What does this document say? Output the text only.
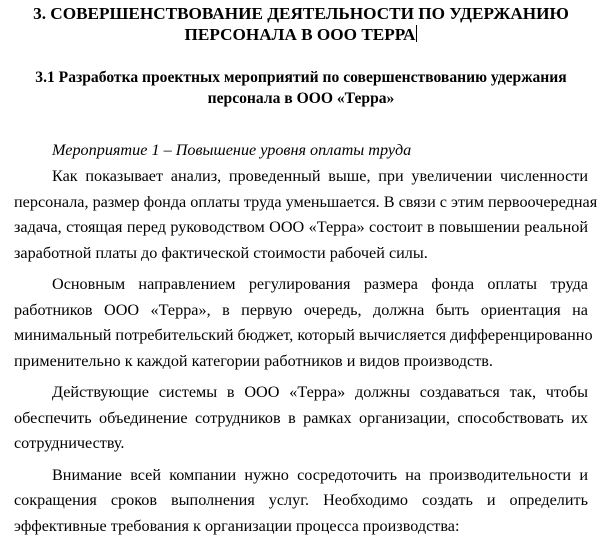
3. СОВЕРШЕНСТВОВАНИЕ ДЕЯТЕЛЬНОСТИ ПО УДЕРЖАНИЮ
ПЕРСОНАЛА В ООО ТЕРРА
3.1 Разработка проектных мероприятий по совершенствованию удержания
персонала в ООО «Терра»

Мероприятие 1 – Повышение уровня оплаты труда

Как показывает анализ, проведенный выше, при увеличении численности
персонала, размер фонда оплаты труда уменьшается. В связи с этим первоочередная
задача, стоящая перед руководством ООО «Терра» состоит в повышении реальной
заработной платы до фактической стоимости рабочей силы.

Основным направлением регулирования размера фонда оплаты труда
работников ООО «Терра», в первую очередь, должна быть ориентация на
минимальный потребительский бюджет, который вычисляется дифференцированно
применительно к каждой категории работников и видов производств.

Действующие системы в ООО «Терра» должны создаваться так, чтобы
обеспечить объединение сотрудников в рамках организации, способствовать их
сотрудничеству.

Внимание всей компании нужно сосредоточить на производительности и
сокращения сроков выполнения услуг. Необходимо создать и определить
эффективные требования к организации процесса производства:
